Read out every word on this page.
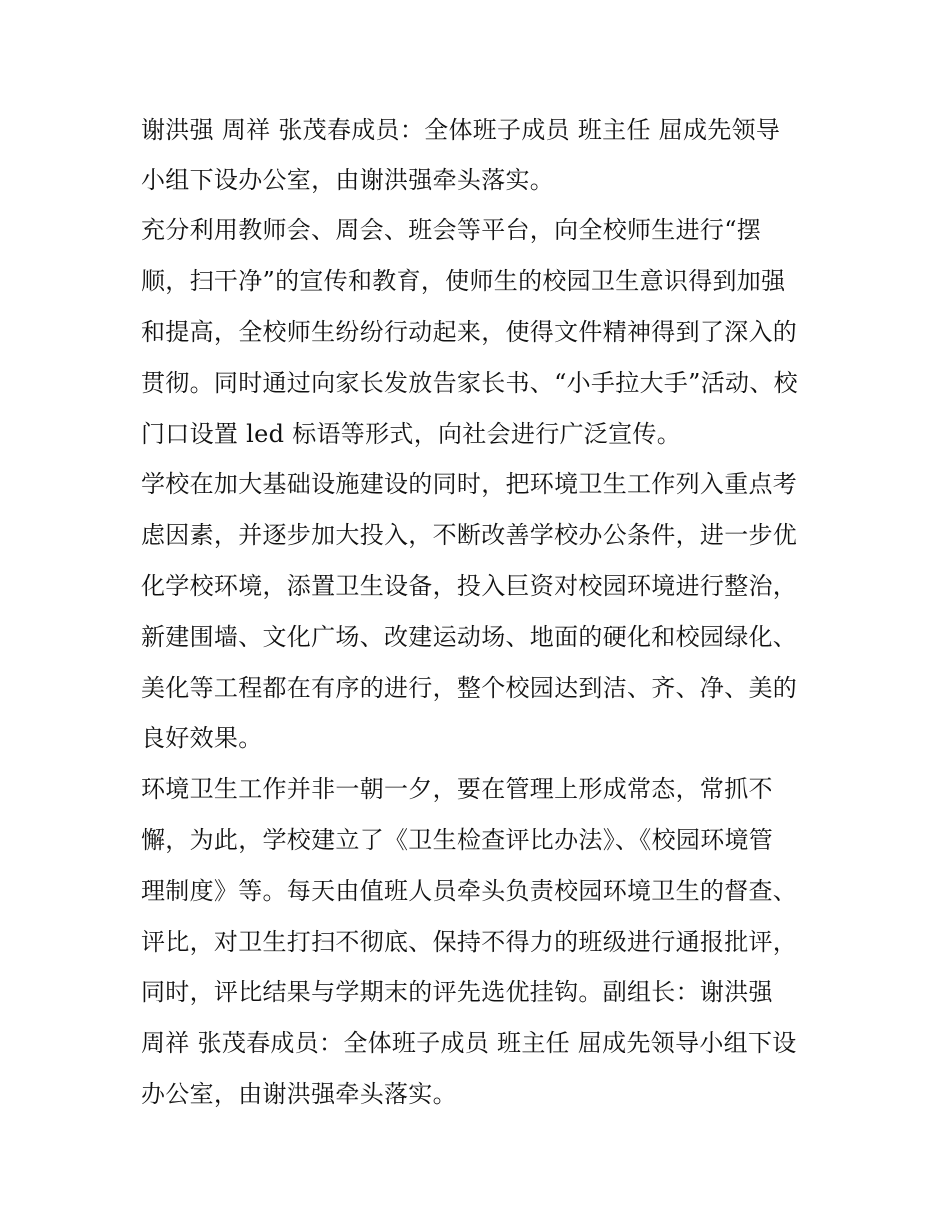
谢洪强 周祥 张茂春成员：全体班子成员 班主任 屈成先领导
小组下设办公室，由谢洪强牵头落实。
充分利用教师会、周会、班会等平台，向全校师生进行“摆
顺，扫干净”的宣传和教育，使师生的校园卫生意识得到加强
和提高，全校师生纷纷行动起来，使得文件精神得到了深入的
贯彻。同时通过向家长发放告家长书、“小手拉大手”活动、校
门口设置 led 标语等形式，向社会进行广泛宣传。
学校在加大基础设施建设的同时，把环境卫生工作列入重点考
虑因素，并逐步加大投入，不断改善学校办公条件，进一步优
化学校环境，添置卫生设备，投入巨资对校园环境进行整治，
新建围墙、文化广场、改建运动场、地面的硬化和校园绿化、
美化等工程都在有序的进行，整个校园达到洁、齐、净、美的
良好效果。
环境卫生工作并非一朝一夕，要在管理上形成常态，常抓不
懈，为此，学校建立了《卫生检查评比办法》、《校园环境管
理制度》等。每天由值班人员牵头负责校园环境卫生的督查、
评比，对卫生打扫不彻底、保持不得力的班级进行通报批评，
同时，评比结果与学期末的评先选优挂钩。副组长：谢洪强
周祥 张茂春成员：全体班子成员 班主任 屈成先领导小组下设
办公室，由谢洪强牵头落实。
